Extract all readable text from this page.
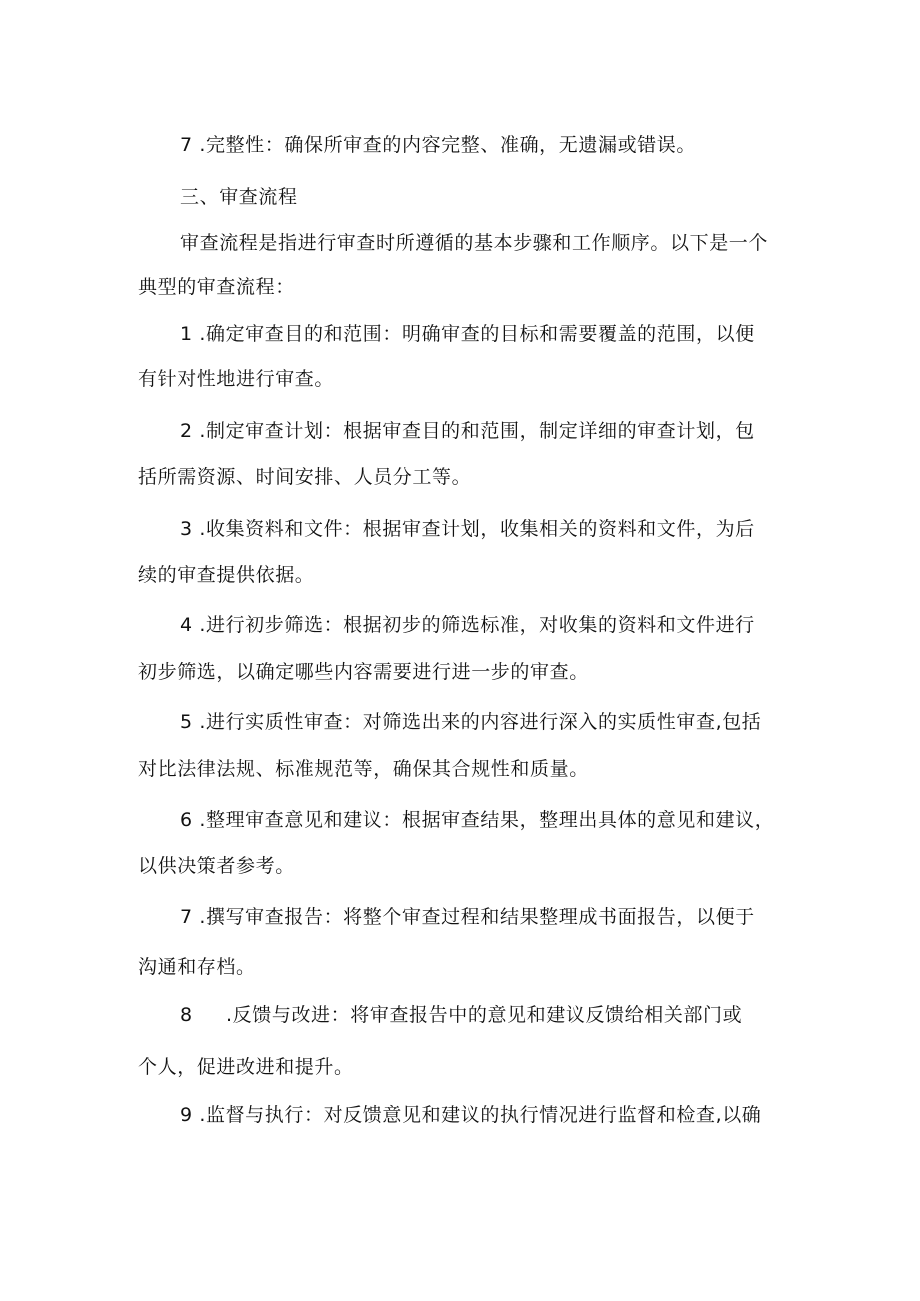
7 .完整性：确保所审查的内容完整、准确，无遗漏或错误。
三、审查流程
审查流程是指进行审查时所遵循的基本步骤和工作顺序。以下是一个
典型的审查流程：
1 .确定审查目的和范围：明确审查的目标和需要覆盖的范围，以便
有针对性地进行审查。
2 .制定审查计划：根据审查目的和范围，制定详细的审查计划，包
括所需资源、时间安排、人员分工等。
3 .收集资料和文件：根据审查计划，收集相关的资料和文件，为后
续的审查提供依据。
4 .进行初步筛选：根据初步的筛选标准，对收集的资料和文件进行
初步筛选，以确定哪些内容需要进行进一步的审查。
5 .进行实质性审查：对筛选出来的内容进行深入的实质性审查,包括
对比法律法规、标准规范等，确保其合规性和质量。
6 .整理审查意见和建议：根据审查结果，整理出具体的意见和建议，
以供决策者参考。
7 .撰写审查报告：将整个审查过程和结果整理成书面报告，以便于
沟通和存档。
8 .反馈与改进：将审查报告中的意见和建议反馈给相关部门或
个人，促进改进和提升。
9 .监督与执行：对反馈意见和建议的执行情况进行监督和检查,以确
